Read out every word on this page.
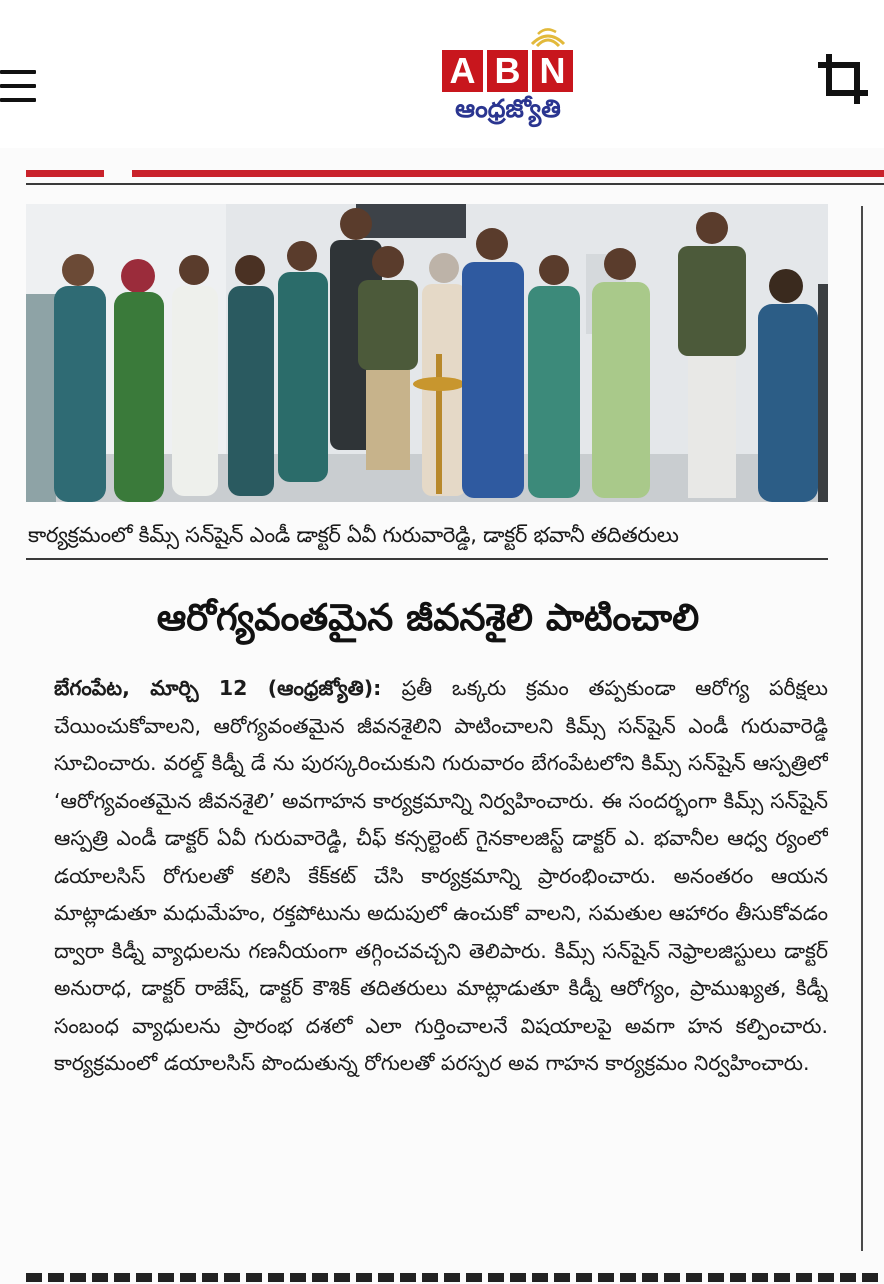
A B N
ఆంధ్రజ్యోతి
కార్యక్రమంలో కిమ్స్ సన్‌షైన్ ఎండీ డాక్టర్ ఏవీ గురువారెడ్డి, డాక్టర్ భవానీ తదితరులు
ఆరోగ్యవంతమైన జీవనశైలి పాటించాలి
బేగంపేట, మార్చి 12 (ఆంధ్రజ్యోతి): ప్రతీ ఒక్కరు క్రమం తప్పకుండా ఆరోగ్య పరీక్షలు చేయించుకోవాలని, ఆరోగ్యవంతమైన జీవనశైలిని పాటించాలని కిమ్స్ సన్‌షైన్ ఎండీ గురువారెడ్డి సూచించారు. వరల్డ్ కిడ్నీ డే ను పురస్కరించుకుని గురువారం బేగంపేటలోని కిమ్స్ సన్‌షైన్ ఆస్పత్రిలో ‘ఆరోగ్యవంతమైన జీవనశైలి’ అవగాహన కార్యక్రమాన్ని నిర్వహించారు. ఈ సందర్భంగా కిమ్స్ సన్‌షైన్ ఆస్పత్రి ఎండీ డాక్టర్ ఏవీ గురువారెడ్డి, చీఫ్ కన్సల్టెంట్ గైనకాలజిస్ట్ డాక్టర్ ఎ. భవానీల ఆధ్వ ర్యంలో డయాలసిస్ రోగులతో కలిసి కేక్‌కట్ చేసి కార్యక్రమాన్ని ప్రారంభించారు. అనంతరం ఆయన మాట్లాడుతూ మధుమేహం, రక్తపోటును అదుపులో ఉంచుకో వాలని, సమతుల ఆహారం తీసుకోవడం ద్వారా కిడ్నీ వ్యాధులను గణనీయంగా తగ్గించవచ్చని తెలిపారు. కిమ్స్ సన్‌షైన్ నెఫ్రాలజిస్టులు డాక్టర్ అనురాధ, డాక్టర్ రాజేష్, డాక్టర్ కౌశిక్ తదితరులు మాట్లాడుతూ కిడ్నీ ఆరోగ్యం, ప్రాముఖ్యత, కిడ్నీ సంబంధ వ్యాధులను ప్రారంభ దశలో ఎలా గుర్తించాలనే విషయాలపై అవగా హన కల్పించారు. కార్యక్రమంలో డయాలసిస్ పొందుతున్న రోగులతో పరస్పర అవ గాహన కార్యక్రమం నిర్వహించారు.
